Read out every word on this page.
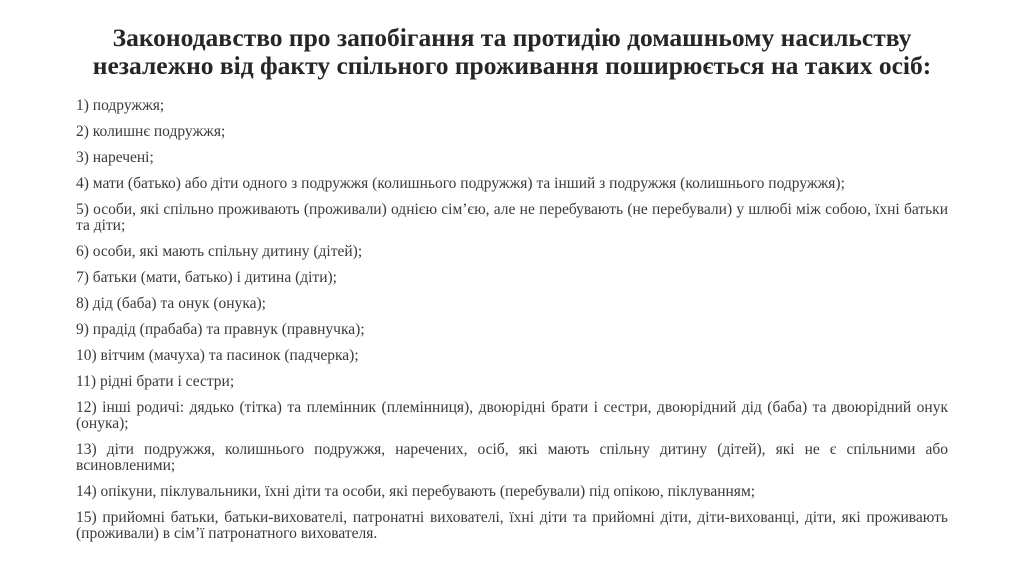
Законодавство про запобігання та протидію домашньому насильству
незалежно від факту спільного проживання поширюється на таких осіб:
1) подружжя;
2) колишнє подружжя;
3) наречені;
4) мати (батько) або діти одного з подружжя (колишнього подружжя) та інший з подружжя (колишнього подружжя);
5) особи, які спільно проживають (проживали) однією сім’єю, але не перебувають (не перебували) у шлюбі між собою, їхні батьки та діти;
6) особи, які мають спільну дитину (дітей);
7) батьки (мати, батько) і дитина (діти);
8) дід (баба) та онук (онука);
9) прадід (прабаба) та правнук (правнучка);
10) вітчим (мачуха) та пасинок (падчерка);
11) рідні брати і сестри;
12) інші родичі: дядько (тітка) та племінник (племінниця), двоюрідні брати і сестри, двоюрідний дід (баба) та двоюрідний онук (онука);
13) діти подружжя, колишнього подружжя, наречених, осіб, які мають спільну дитину (дітей), які не є спільними або всиновленими;
14) опікуни, піклувальники, їхні діти та особи, які перебувають (перебували) під опікою, піклуванням;
15) прийомні батьки, батьки-вихователі, патронатні вихователі, їхні діти та прийомні діти, діти-вихованці, діти, які проживають (проживали) в сім’ї патронатного вихователя.
